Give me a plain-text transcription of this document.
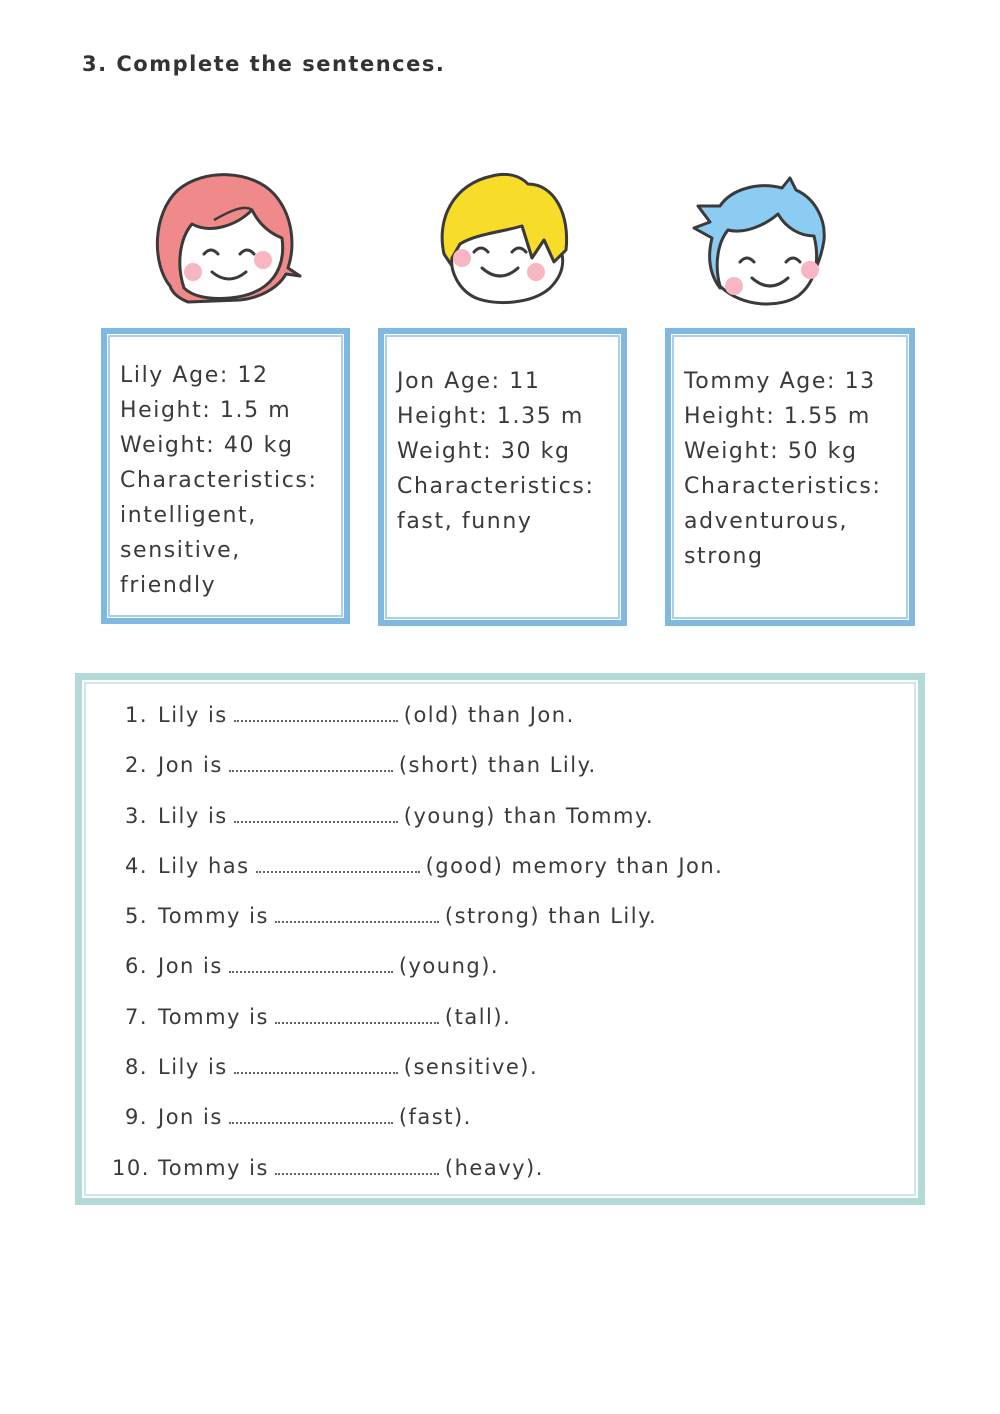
3. Complete the sentences.
Lily Age: 12
Height: 1.5 m
Weight: 40 kg
Characteristics:
intelligent,
sensitive,
friendly
Jon Age: 11
Height: 1.35 m
Weight: 30 kg
Characteristics:
fast, funny
Tommy Age: 13
Height: 1.55 m
Weight: 50 kg
Characteristics:
adventurous,
strong
1. Lily is	(old) than Jon.
2. Jon is	(short) than Lily.
3. Lily is	(young) than Tommy.
4. Lily has	(good) memory than Jon.
5. Tommy is	(strong) than Lily.
6. Jon is	(young).
7. Tommy is	(tall).
8. Lily is	(sensitive).
9. Jon is	(fast).
10. Tommy is	(heavy).
